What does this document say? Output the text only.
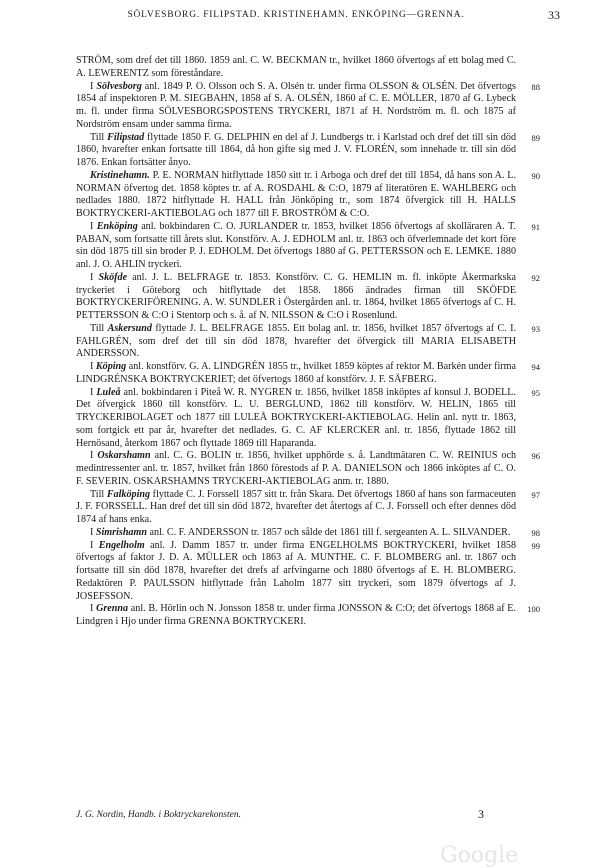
SÖLVESBORG. FILIPSTAD. KRISTINEHAMN. ENKÖPING—GRENNA.	33

STRÖM, som dref det till 1860. 1859 anl. C. W. BECKMAN tr., hvilket 1860 öfvertogs af ett bolag med C. A. LEWERENTZ som föreståndare.

I Sölvesborg anl. 1849 P. O. Olsson och S. A. Olsén tr. under firma OLSSON & OLSÉN. Det öfvertogs 1854 af inspektoren P. M. SIEGBAHN, 1858 af S. A. OLSÉN, 1860 af C. E. MÖLLER, 1870 af G. Lybeck m. fl. under firma SÖLVESBORGSPOSTENS TRYCKERI, 1871 af H. Nordström m. fl. och 1875 af Nordström ensam under samma firma.
88

Till Filipstad flyttade 1850 F. G. DELPHIN en del af J. Lundbergs tr. i Karlstad och dref det till sin död 1860, hvarefter enkan fortsatte till 1864, då hon gifte sig med J. V. FLORÉN, som innehade tr. till sin död 1876. Enkan fortsätter ånyo.
89

Kristinehamn. P. E. NORMAN hitflyttade 1850 sitt tr. i Arboga och dref det till 1854, då hans son A. L. NORMAN öfvertog det. 1858 köptes tr. af A. ROSDAHL & C:O, 1879 af literatören E. WAHLBERG och nedlades 1880. 1872 hitflyttade H. HALL från Jönköping tr., som 1874 öfvergick till H. HALLS BOKTRYCKERI-AKTIEBOLAG och 1877 till F. BROSTRÖM & C:O.
90

I Enköping anl. bokbindaren C. O. JURLANDER tr. 1853, hvilket 1856 öfvertogs af skolläraren A. T. PABAN, som fortsatte till årets slut. Konstförv. A. J. EDHOLM anl. tr. 1863 och öfverlemnade det kort före sin död 1875 till sin broder P. J. EDHOLM. Det öfvertogs 1880 af G. PETTERSSON och E. LEMKE. 1880 anl. J. O. AHLIN tryckeri.
91

I Sköfde anl. J. L. BELFRAGE tr. 1853. Konstförv. C. G. HEMLIN m. fl. inköpte Åkermarkska tryckeriet i Göteborg och hitflyttade det 1858. 1866 ändrades firman till SKÖFDE BOKTRYCKERIFÖRENING. A. W. SUNDLER i Östergården anl. tr. 1864, hvilket 1865 öfvertogs af C. H. PETTERSSON & C:O i Stentorp och s. å. af N. NILSSON & C:O i Rosenlund.
92

Till Askersund flyttade J. L. BELFRAGE 1855. Ett bolag anl. tr. 1856, hvilket 1857 öfvertogs af C. I. FAHLGRÉN, som dref det till sin död 1878, hvarefter det öfvergick till MARIA ELISABETH ANDERSSON.
93

I Köping anl. konstförv. G. A. LINDGRÉN 1855 tr., hvilket 1859 köptes af rektor M. Barkén under firma LINDGRÉNSKA BOKTRYCKERIET; det öfvertogs 1860 af konstförv. J. F. SÄFBERG.
94

I Luleå anl. bokbindaren i Piteå W. R. NYGREN tr. 1856, hvilket 1858 inköptes af konsul J. BODELL. Det öfvergick 1860 till konstförv. L. U. BERGLUND, 1862 till konstförv. W. HELIN, 1865 till TRYCKERIBOLAGET och 1877 till LULEÅ BOKTRYCKERI-AKTIEBOLAG. Helin anl. nytt tr. 1863, som fortgick ett par år, hvarefter det nedlades. G. C. AF KLERCKER anl. tr. 1856, flyttade 1862 till Hernösand, återkom 1867 och flyttade 1869 till Haparanda.
95

I Oskarshamn anl. C. G. BOLIN tr. 1856, hvilket upphörde s. å. Landtmätaren C. W. REINIUS och medintressenter anl. tr. 1857, hvilket från 1860 förestods af P. A. DANIELSON och 1866 inköptes af C. O. F. SEVERIN. OSKARSHAMNS TRYCKERI-AKTIEBOLAG anm. tr. 1880.
96

Till Falköping flyttade C. J. Forssell 1857 sitt tr. från Skara. Det öfvertogs 1860 af hans son farmaceuten J. F. FORSSELL. Han dref det till sin död 1872, hvarefter det återtogs af C. J. Forssell och efter dennes död 1874 af hans enka.
97

I Simrishamn anl. C. F. ANDERSSON tr. 1857 och sålde det 1861 till f. sergeanten A. L. SILVANDER. 98

I Engelholm anl. J. Damm 1857 tr. under firma ENGELHOLMS BOKTRYCKERI, hvilket 1858 öfvertogs af faktor J. D. A. MÜLLER och 1863 af A. MUNTHE. C. F. BLOMBERG anl. tr. 1867 och fortsatte till sin död 1878, hvarefter det drefs af arfvingarne och 1880 öfvertogs af E. H. BLOMBERG. Redaktören P. PAULSSON hitflyttade från Laholm 1877 sitt tryckeri, som 1879 öfvertogs af J. JOSEFSSON.
99

I Grenna anl. B. Hörlin och N. Jonsson 1858 tr. under firma JONSSON & C:O; det öfvertogs 1868 af E. Lindgren i Hjo under firma GRENNA BOKTRYCKERI.
100

J. G. Nordin, Handb. i Boktryckarekonsten.	3
Google
